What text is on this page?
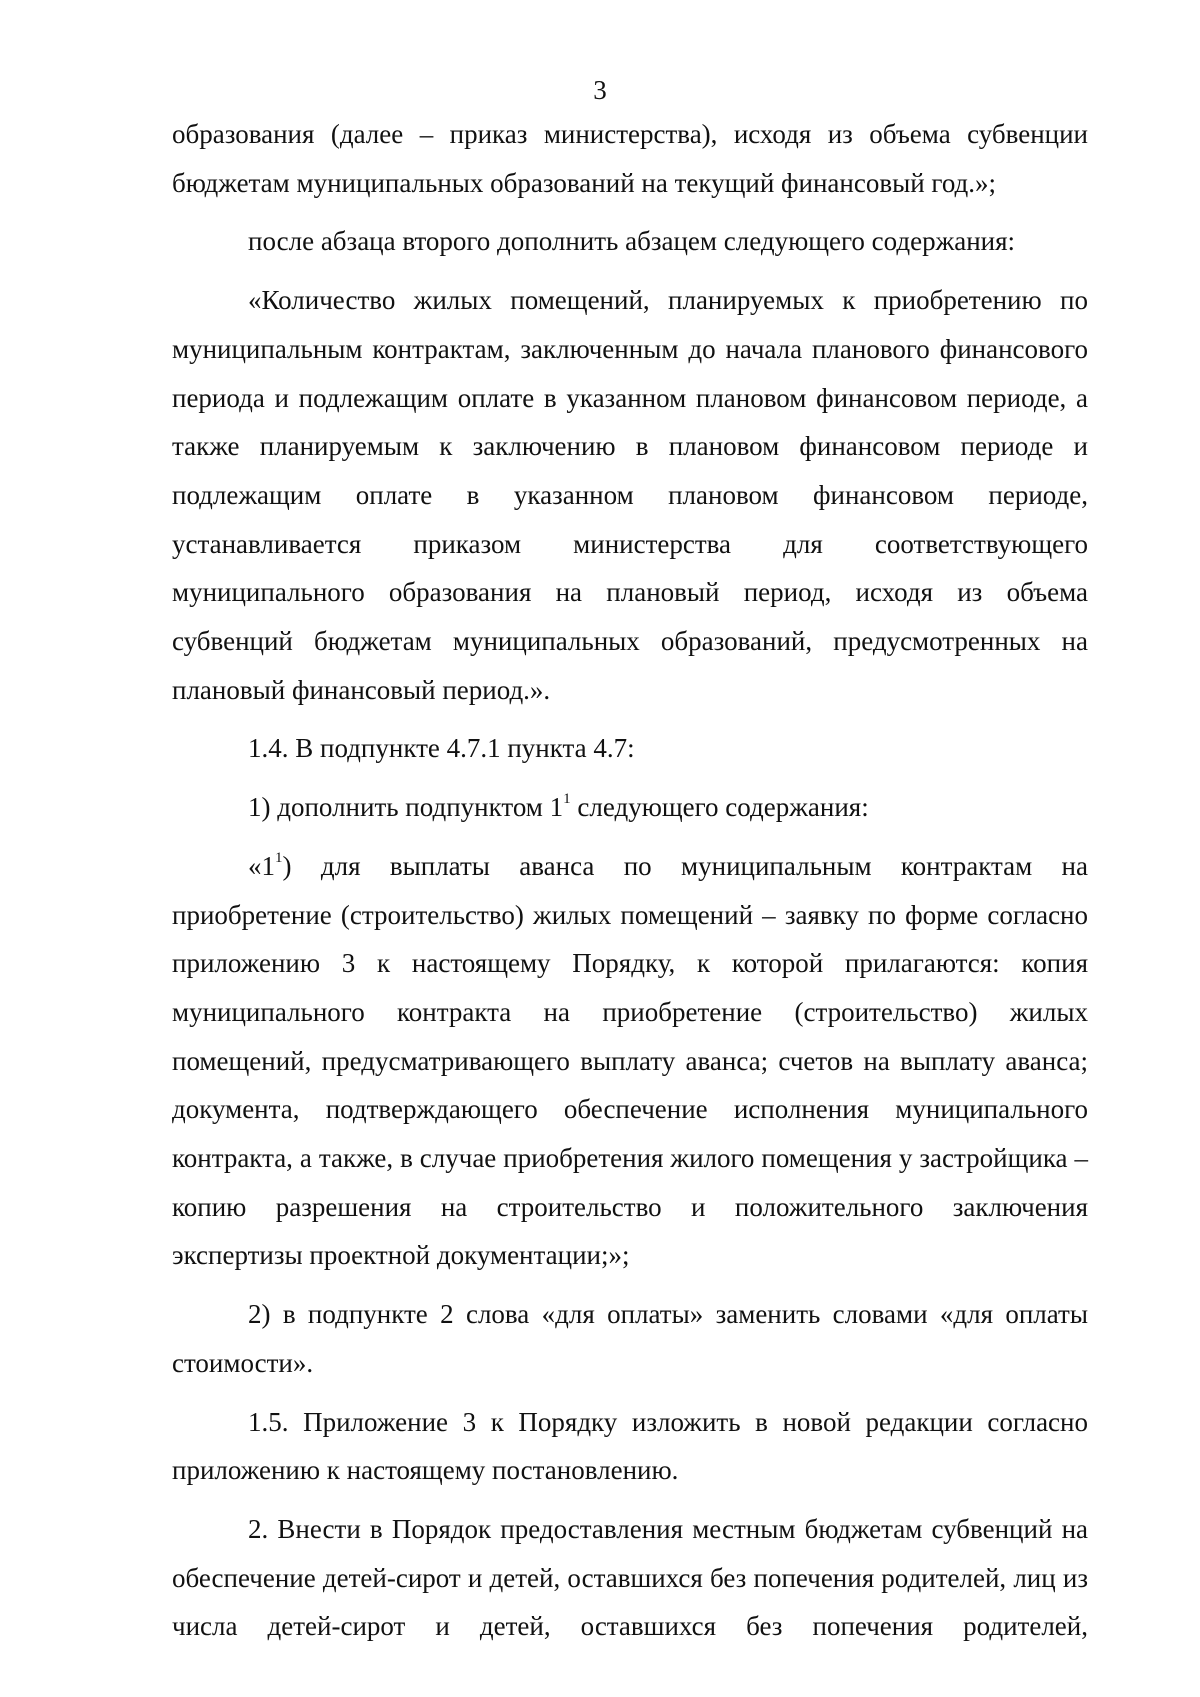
3

образования (далее – приказ министерства), исходя из объема субвенции бюджетам муниципальных образований на текущий финансовый год.»;

после абзаца второго дополнить абзацем следующего содержания:

«Количество жилых помещений, планируемых к приобретению по муниципальным контрактам, заключенным до начала планового финансового периода и подлежащим оплате в указанном плановом финансовом периоде, а также планируемым к заключению в плановом финансовом периоде и подлежащим оплате в указанном плановом финансовом периоде, устанавливается приказом министерства для соответствующего муниципального образования на плановый период, исходя из объема субвенций бюджетам муниципальных образований, предусмотренных на плановый финансовый период.».

1.4. В подпункте 4.7.1 пункта 4.7:

1) дополнить подпунктом $1^1$ следующего содержания:

«$1^1$) для выплаты аванса по муниципальным контрактам на приобретение (строительство) жилых помещений – заявку по форме согласно приложению 3 к настоящему Порядку, к которой прилагаются: копия муниципального контракта на приобретение (строительство) жилых помещений, предусматривающего выплату аванса; счетов на выплату аванса; документа, подтверждающего обеспечение исполнения муниципального контракта, а также, в случае приобретения жилого помещения у застройщика – копию разрешения на строительство и положительного заключения экспертизы проектной документации;»;

2) в подпункте 2 слова «для оплаты» заменить словами «для оплаты стоимости».

1.5. Приложение 3 к Порядку изложить в новой редакции согласно приложению к настоящему постановлению.

2. Внести в Порядок предоставления местным бюджетам субвенций на обеспечение детей-сирот и детей, оставшихся без попечения родителей, лиц из числа детей-сирот и детей, оставшихся без попечения родителей,
